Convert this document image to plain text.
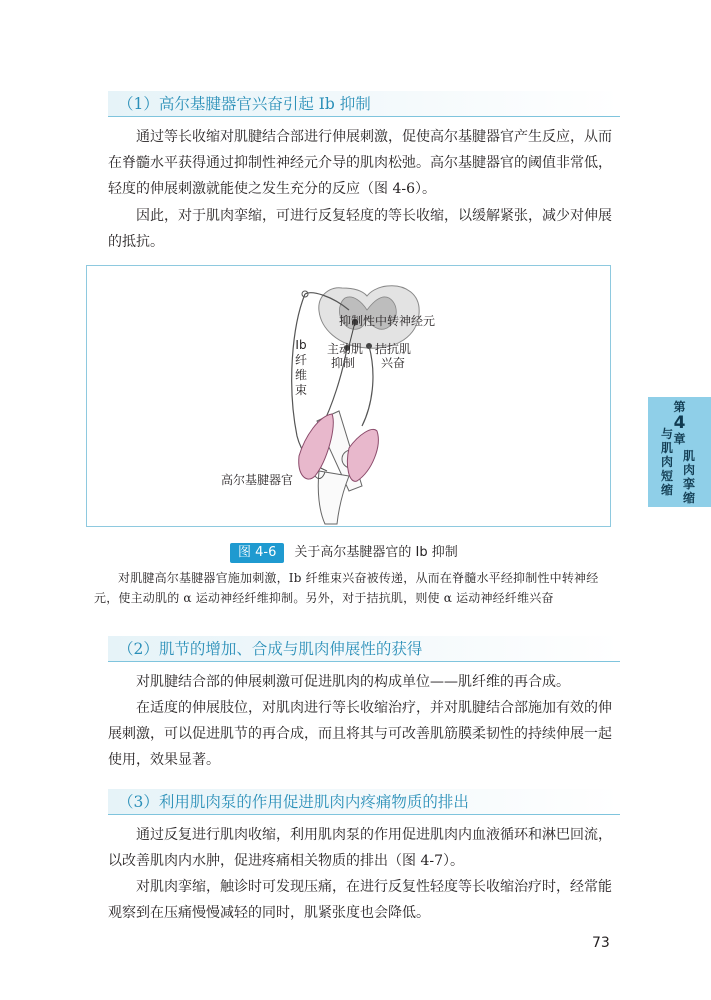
（1）高尔基腱器官兴奋引起 Ib 抑制

通过等长收缩对肌腱结合部进行伸展刺激，促使高尔基腱器官产生反应，从而在脊髓水平获得通过抑制性神经元介导的肌肉松弛。高尔基腱器官的阈值非常低，轻度的伸展刺激就能使之发生充分的反应（图 4-6）。

因此，对于肌肉挛缩，可进行反复轻度的等长收缩，以缓解紧张，减少对伸展的抵抗。

抑制性中转神经元
主动肌
抑制
拮抗肌
兴奋
Ib纤维束
高尔基腱器官
图 4-6 关于高尔基腱器官的 Ib 抑制

对肌腱高尔基腱器官施加刺激，Ib 纤维束兴奋被传递，从而在脊髓水平经抑制性中转神经元，使主动肌的 α 运动神经纤维抑制。另外，对于拮抗肌，则使 α 运动神经纤维兴奋

（2）肌节的增加、合成与肌肉伸展性的获得

对肌腱结合部的伸展刺激可促进肌肉的构成单位——肌纤维的再合成。

在适度的伸展肢位，对肌肉进行等长收缩治疗，并对肌腱结合部施加有效的伸展刺激，可以促进肌节的再合成，而且将其与可改善肌筋膜柔韧性的持续伸展一起使用，效果显著。

（3）利用肌肉泵的作用促进肌肉内疼痛物质的排出

通过反复进行肌肉收缩，利用肌肉泵的作用促进肌肉内血液循环和淋巴回流，以改善肌肉内水肿，促进疼痛相关物质的排出（图 4-7）。

对肌肉挛缩，触诊时可发现压痛，在进行反复性轻度等长收缩治疗时，经常能观察到在压痛慢慢减轻的同时，肌紧张度也会降低。

第
4
章
与肌肉短缩
肌肉挛缩
73
